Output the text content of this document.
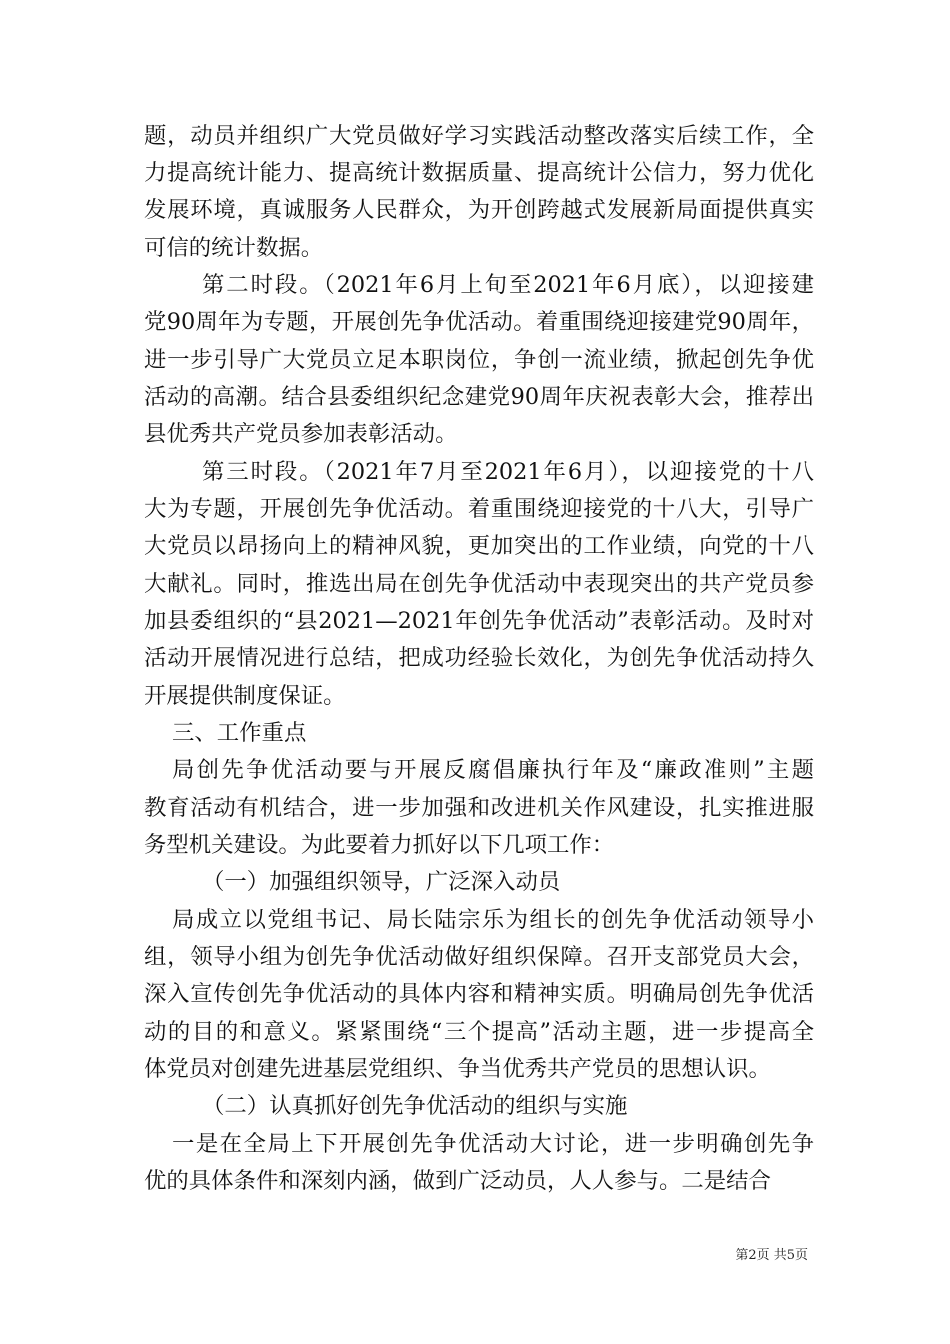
题，动员并组织广大党员做好学习实践活动整改落实后续工作，全
力提高统计能力、提高统计数据质量、提高统计公信力，努力优化
发展环境，真诚服务人民群众，为开创跨越式发展新局面提供真实
可信的统计数据。
第二时段。（2021年6月上旬至2021年6月底），以迎接建
党90周年为专题，开展创先争优活动。着重围绕迎接建党90周年，
进一步引导广大党员立足本职岗位，争创一流业绩，掀起创先争优
活动的高潮。结合县委组织纪念建党90周年庆祝表彰大会，推荐出
县优秀共产党员参加表彰活动。
第三时段。（2021年7月至2021年6月），以迎接党的十八
大为专题，开展创先争优活动。着重围绕迎接党的十八大，引导广
大党员以昂扬向上的精神风貌，更加突出的工作业绩，向党的十八
大献礼。同时，推选出局在创先争优活动中表现突出的共产党员参
加县委组织的“县2021—2021年创先争优活动”表彰活动。及时对
活动开展情况进行总结，把成功经验长效化，为创先争优活动持久
开展提供制度保证。
三、工作重点
局创先争优活动要与开展反腐倡廉执行年及“廉政准则”主题
教育活动有机结合，进一步加强和改进机关作风建设，扎实推进服
务型机关建设。为此要着力抓好以下几项工作：
（一）加强组织领导，广泛深入动员
局成立以党组书记、局长陆宗乐为组长的创先争优活动领导小
组，领导小组为创先争优活动做好组织保障。召开支部党员大会，
深入宣传创先争优活动的具体内容和精神实质。明确局创先争优活
动的目的和意义。紧紧围绕“三个提高”活动主题，进一步提高全
体党员对创建先进基层党组织、争当优秀共产党员的思想认识。
（二）认真抓好创先争优活动的组织与实施
一是在全局上下开展创先争优活动大讨论，进一步明确创先争
优的具体条件和深刻内涵，做到广泛动员，人人参与。二是结合
第2页 共5页
